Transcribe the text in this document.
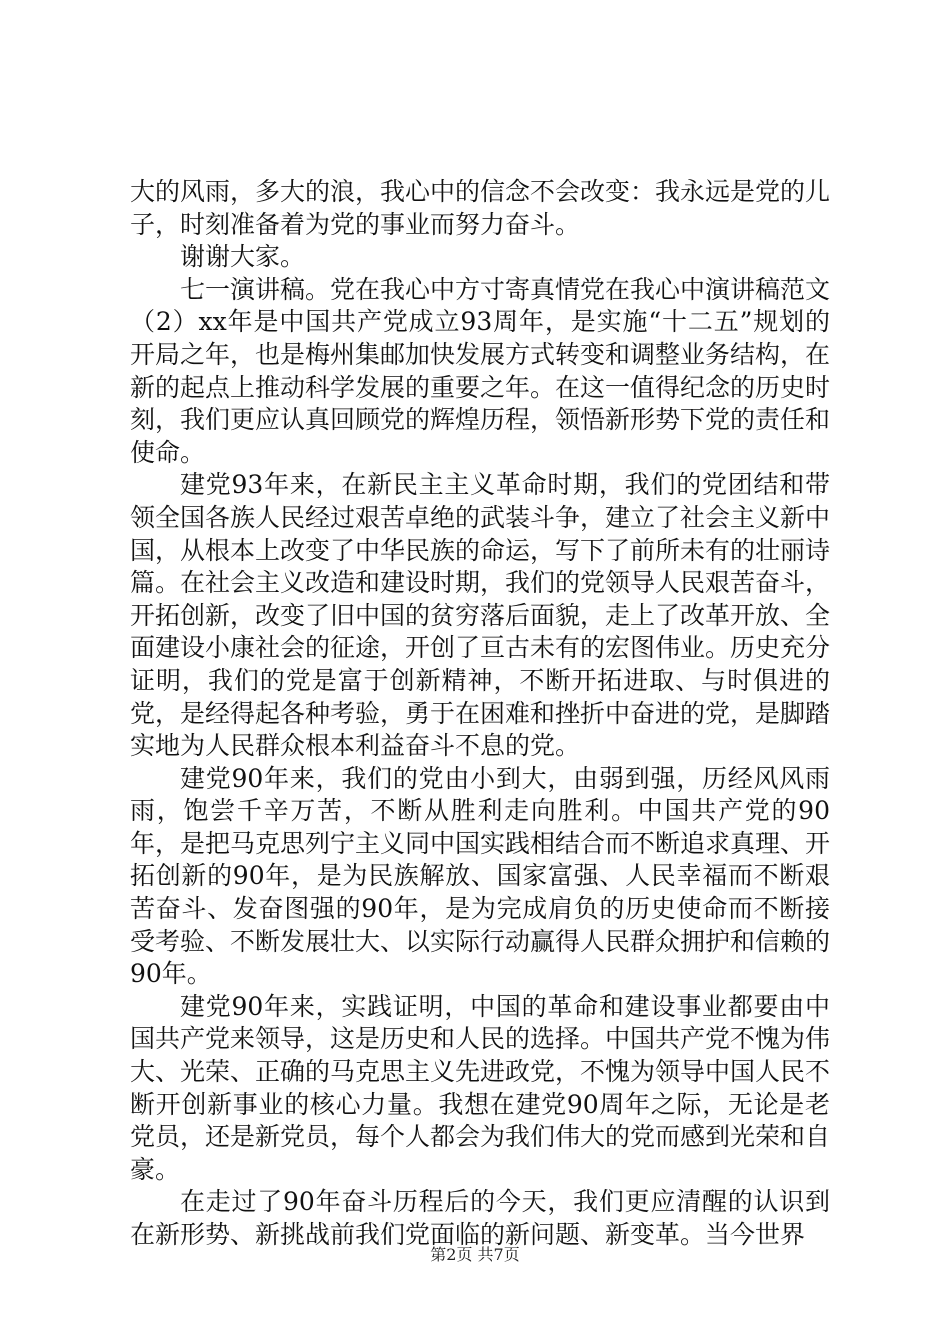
大的风雨，多大的浪，我心中的信念不会改变：我永远是党的儿子，时刻准备着为党的事业而努力奋斗。

谢谢大家。

七一演讲稿。党在我心中方寸寄真情党在我心中演讲稿范文（2）xx年是中国共产党成立93周年，是实施“十二五”规划的开局之年，也是梅州集邮加快发展方式转变和调整业务结构，在新的起点上推动科学发展的重要之年。在这一值得纪念的历史时刻，我们更应认真回顾党的辉煌历程，领悟新形势下党的责任和使命。

建党93年来，在新民主主义革命时期，我们的党团结和带领全国各族人民经过艰苦卓绝的武装斗争，建立了社会主义新中国，从根本上改变了中华民族的命运，写下了前所未有的壮丽诗篇。在社会主义改造和建设时期，我们的党领导人民艰苦奋斗，开拓创新，改变了旧中国的贫穷落后面貌，走上了改革开放、全面建设小康社会的征途，开创了亘古未有的宏图伟业。历史充分证明，我们的党是富于创新精神，不断开拓进取、与时俱进的党，是经得起各种考验，勇于在困难和挫折中奋进的党，是脚踏实地为人民群众根本利益奋斗不息的党。

建党90年来，我们的党由小到大，由弱到强，历经风风雨雨，饱尝千辛万苦，不断从胜利走向胜利。中国共产党的90年，是把马克思列宁主义同中国实践相结合而不断追求真理、开拓创新的90年，是为民族解放、国家富强、人民幸福而不断艰苦奋斗、发奋图强的90年，是为完成肩负的历史使命而不断接受考验、不断发展壮大、以实际行动赢得人民群众拥护和信赖的90年。

建党90年来，实践证明，中国的革命和建设事业都要由中国共产党来领导，这是历史和人民的选择。中国共产党不愧为伟大、光荣、正确的马克思主义先进政党，不愧为领导中国人民不断开创新事业的核心力量。我想在建党90周年之际，无论是老党员，还是新党员，每个人都会为我们伟大的党而感到光荣和自豪。

在走过了90年奋斗历程后的今天，我们更应清醒的认识到在新形势、新挑战前我们党面临的新问题、新变革。当今世界

第2页 共7页
